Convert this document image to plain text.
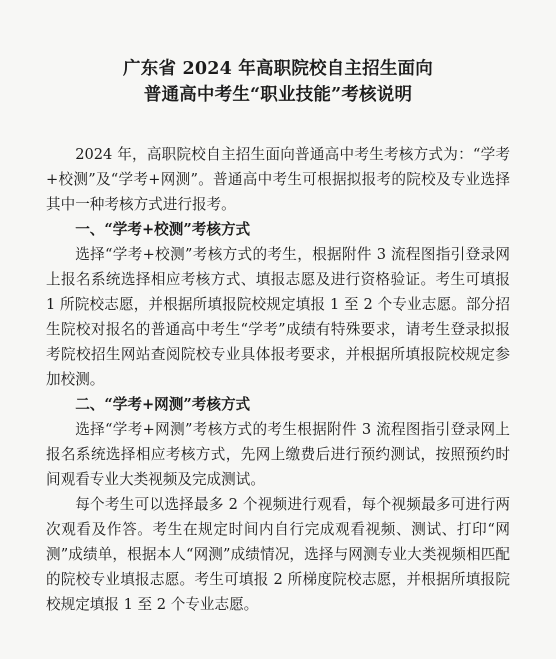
广东省 2024 年高职院校自主招生面向
普通高中考生“职业技能”考核说明

2024 年，高职院校自主招生面向普通高中考生考核方式为：“学考+校测”及“学考+网测”。普通高中考生可根据拟报考的院校及专业选择其中一种考核方式进行报考。

一、“学考+校测”考核方式

选择“学考+校测”考核方式的考生，根据附件 3 流程图指引登录网上报名系统选择相应考核方式、填报志愿及进行资格验证。考生可填报 1 所院校志愿，并根据所填报院校规定填报 1 至 2 个专业志愿。部分招生院校对报名的普通高中考生“学考”成绩有特殊要求，请考生登录拟报考院校招生网站查阅院校专业具体报考要求，并根据所填报院校规定参加校测。

二、“学考+网测”考核方式

选择“学考+网测”考核方式的考生根据附件 3 流程图指引登录网上报名系统选择相应考核方式，先网上缴费后进行预约测试，按照预约时间观看专业大类视频及完成测试。

每个考生可以选择最多 2 个视频进行观看，每个视频最多可进行两次观看及作答。考生在规定时间内自行完成观看视频、测试、打印“网测”成绩单，根据本人“网测”成绩情况，选择与网测专业大类视频相匹配的院校专业填报志愿。考生可填报 2 所梯度院校志愿，并根据所填报院校规定填报 1 至 2 个专业志愿。
